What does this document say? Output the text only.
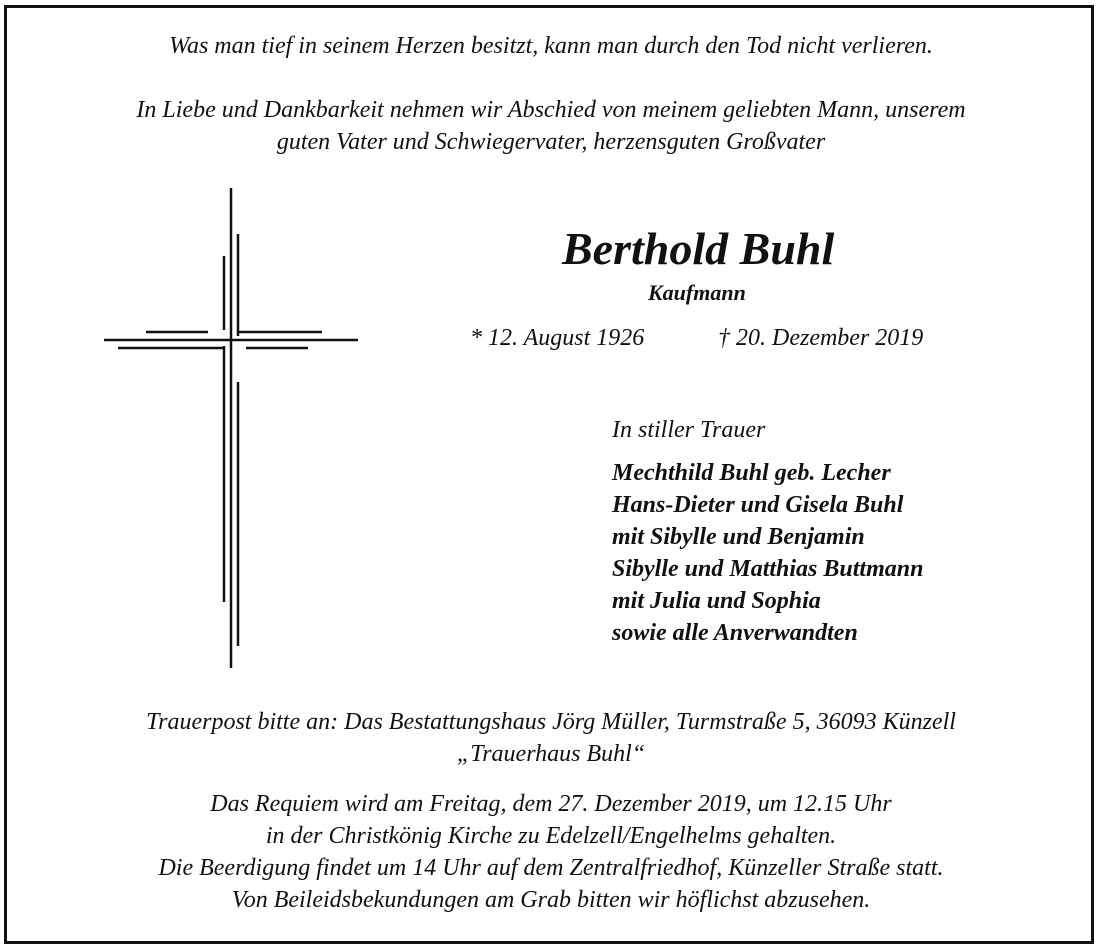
Was man tief in seinem Herzen besitzt, kann man durch den Tod nicht verlieren.
In Liebe und Dankbarkeit nehmen wir Abschied von meinem geliebten Mann, unserem
guten Vater und Schwiegervater, herzensguten Großvater
Berthold Buhl
Kaufmann
* 12. August 1926	† 20. Dezember 2019
In stiller Trauer
Mechthild Buhl geb. Lecher
Hans-Dieter und Gisela Buhl
mit Sibylle und Benjamin
Sibylle und Matthias Buttmann
mit Julia und Sophia
sowie alle Anverwandten
Trauerpost bitte an: Das Bestattungshaus Jörg Müller, Turmstraße 5, 36093 Künzell
„Trauerhaus Buhl“
Das Requiem wird am Freitag, dem 27. Dezember 2019, um 12.15 Uhr
in der Christkönig Kirche zu Edelzell/Engelhelms gehalten.
Die Beerdigung findet um 14 Uhr auf dem Zentralfriedhof, Künzeller Straße statt.
Von Beileidsbekundungen am Grab bitten wir höflichst abzusehen.
